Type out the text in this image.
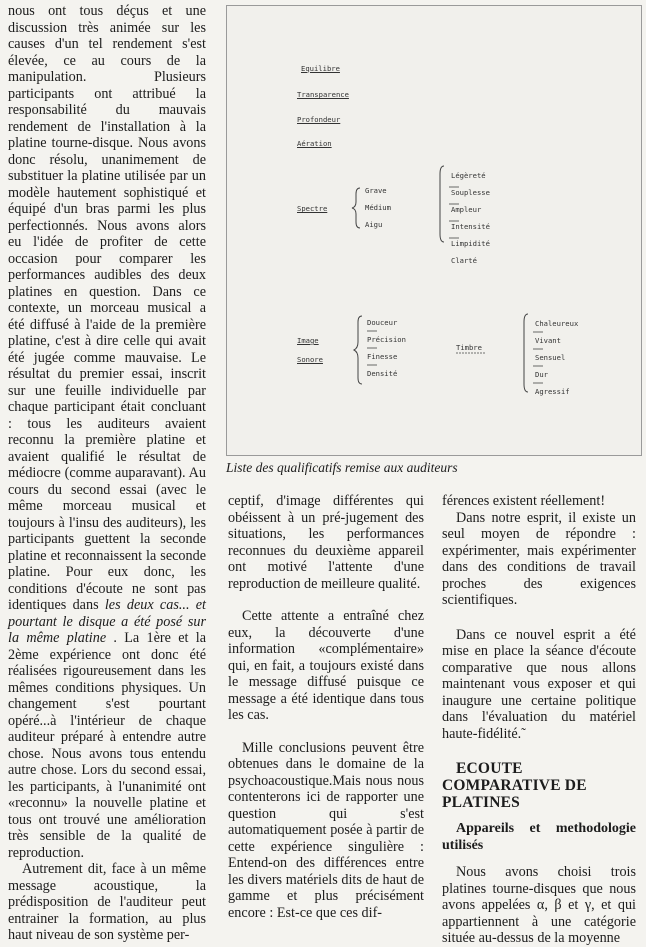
nous ont tous déçus et une discussion très animée sur les causes d'un tel rendement s'est élevée, ce au cours de la manipulation. Plusieurs participants ont attribué la responsabilité du mauvais rendement de l'installation à la platine tourne-disque. Nous avons donc résolu, unanimement de substituer la platine utilisée par un modèle hautement sophistiqué et équipé d'un bras parmi les plus perfectionnés. Nous avons alors eu l'idée de profiter de cette occasion pour comparer les performances audibles des deux platines en question. Dans ce contexte, un morceau musical a été diffusé à l'aide de la première platine, c'est à dire celle qui avait été jugée comme mauvaise. Le résultat du premier essai, inscrit sur une feuille individuelle par chaque participant était concluant : tous les auditeurs avaient reconnu la première platine et avaient qualifié le résultat de médiocre (comme auparavant). Au cours du second essai (avec le même morceau musical et toujours à l'insu des auditeurs), les participants guettent la seconde platine et reconnaissent la seconde platine. Pour eux donc, les conditions d'écoute ne sont pas identiques dans les deux cas... et pourtant le disque a été posé sur la même platine . La 1ère et la 2ème expérience ont donc été réalisées rigoureusement dans les mêmes conditions physiques. Un changement s'est pourtant opéré...à l'intérieur de chaque auditeur préparé à entendre autre chose. Nous avons tous entendu autre chose. Lors du second essai, les participants, à l'unanimité ont «reconnu» la nouvelle platine et tous ont trouvé une amélioration très sensible de la qualité de reproduction.

Autrement dit, face à un même message acoustique, la prédisposition de l'auditeur peut entrainer la formation, au plus haut niveau de son système per-

Equilibre
Transparence
Profondeur
Aération
Spectre
Grave
Médium
Aigu
Légèreté
Souplesse
Ampleur
Intensité
Limpidité
Clarté
Image
Sonore
Douceur
Précision
Finesse
Densité
Timbre
Chaleureux
Vivant
Sensuel
Dur
Agressif
Liste des qualificatifs remise aux auditeurs

ceptif, d'image différentes qui obéissent à un pré-jugement des situations, les performances reconnues du deuxième appareil ont motivé l'attente d'une reproduction de meilleure qualité.

Cette attente a entraîné chez eux, la découverte d'une information «complémentaire» qui, en fait, a toujours existé dans le message diffusé puisque ce message a été identique dans tous les cas.

Mille conclusions peuvent être obtenues dans le domaine de la psychoacoustique.Mais nous nous contenterons ici de rapporter une question qui s'est automatiquement posée à partir de cette expérience singulière : Entend-on des différences entre les divers matériels dits de haut de gamme et plus précisément encore : Est-ce que ces dif-

férences existent réellement!

Dans notre esprit, il existe un seul moyen de répondre : expérimenter, mais expérimenter dans des conditions de travail proches des exigences scientifiques.

Dans ce nouvel esprit a été mise en place la séance d'écoute comparative que nous allons maintenant vous exposer et qui inaugure une certaine politique dans l'évaluation du matériel haute-fidélité.˜

ECOUTE COMPARATIVE DE PLATINES

Appareils et methodologie utilisés

Nous avons choisi trois platines tourne-disques que nous avons appelées α, β et γ, et qui appartiennent à une catégorie située au-dessus de la moyenne
